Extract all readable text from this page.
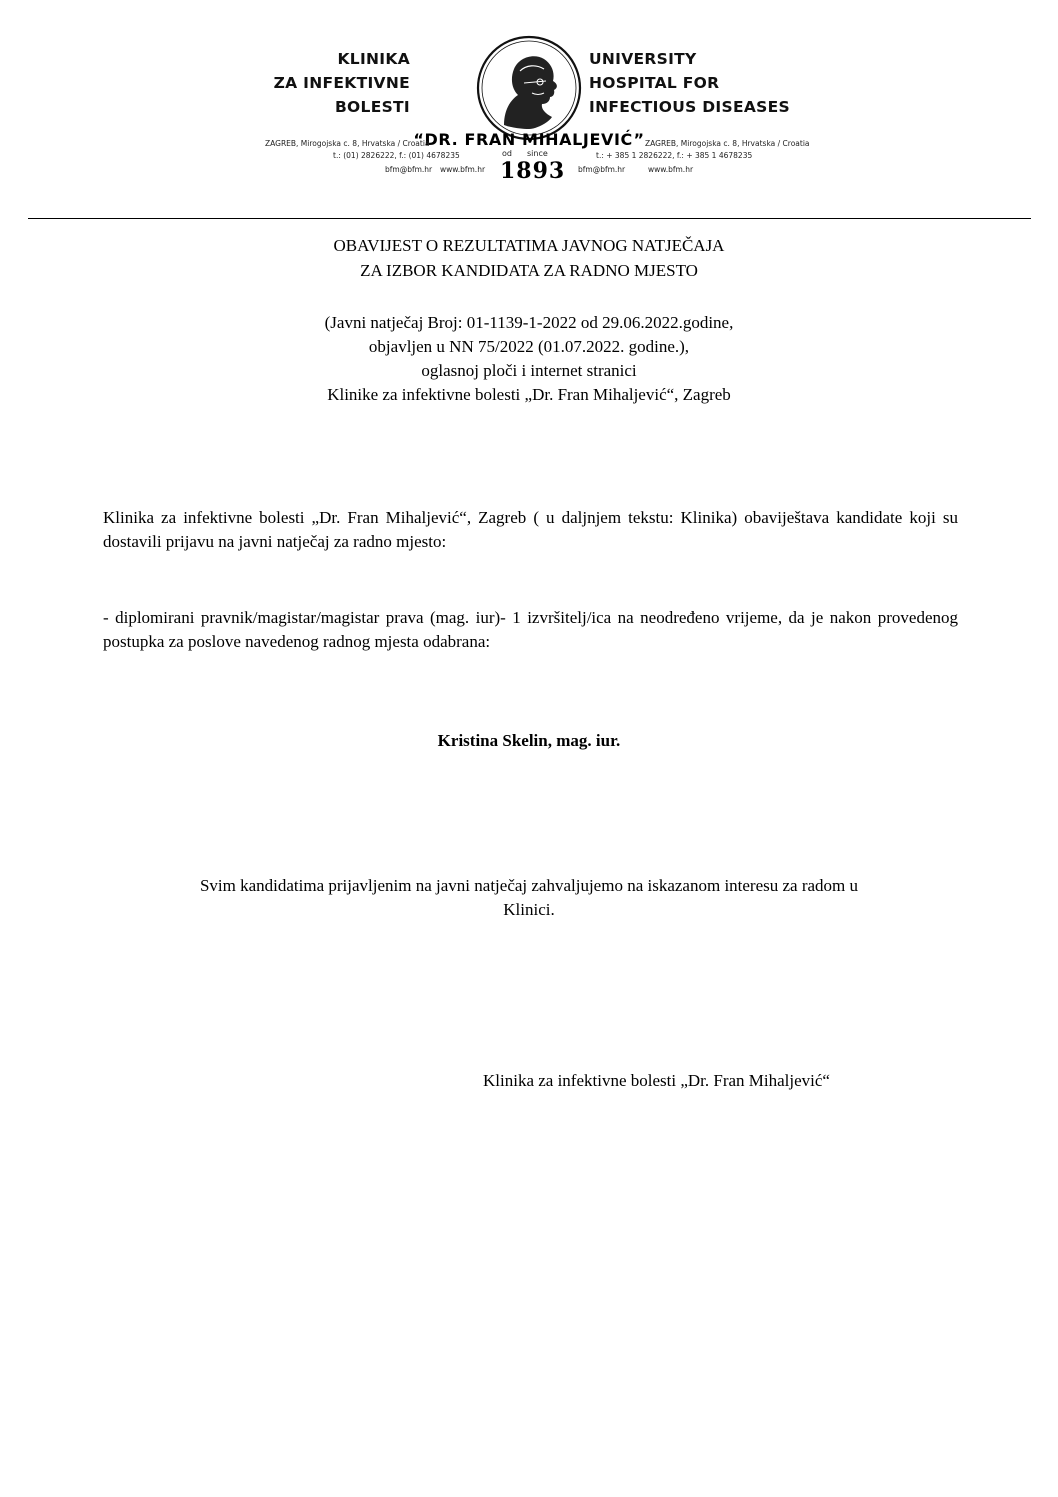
KLINIKA
ZA INFEKTIVNE
BOLESTI
UNIVERSITY
HOSPITAL FOR
INFECTIOUS DISEASES
“DR. FRAN MIHALJEVIĆ”
ZAGREB, Mirogojska c. 8, Hrvatska / Croatia
t.: (01) 2826222, f.: (01) 4678235
bfm@bfm.hr www.bfm.hr
ZAGREB, Mirogojska c. 8, Hrvatska / Croatia
t.: + 385 1 2826222, f.: + 385 1 4678235
bfm@bfm.hr	www.bfm.hr
od since
1893
OBAVIJEST O REZULTATIMA JAVNOG NATJEČAJA
ZA IZBOR KANDIDATA ZA RADNO MJESTO
(Javni natječaj Broj: 01-1139-1-2022 od 29.06.2022.godine,
objavljen u NN 75/2022 (01.07.2022. godine.),
oglasnoj ploči i internet stranici
Klinike za infektivne bolesti „Dr. Fran Mihaljević“, Zagreb
Klinika za infektivne bolesti „Dr. Fran Mihaljević“, Zagreb ( u daljnjem tekstu: Klinika) obaviještava kandidate koji su dostavili prijavu na javni natječaj za radno mjesto:
- diplomirani pravnik/magistar/magistar prava (mag. iur)- 1 izvršitelj/ica na neodređeno vrijeme, da je nakon provedenog postupka za poslove navedenog radnog mjesta odabrana:
Kristina Skelin, mag. iur.
Svim kandidatima prijavljenim na javni natječaj zahvaljujemo na iskazanom interesu za radom u
Klinici.
Klinika za infektivne bolesti „Dr. Fran Mihaljević“
